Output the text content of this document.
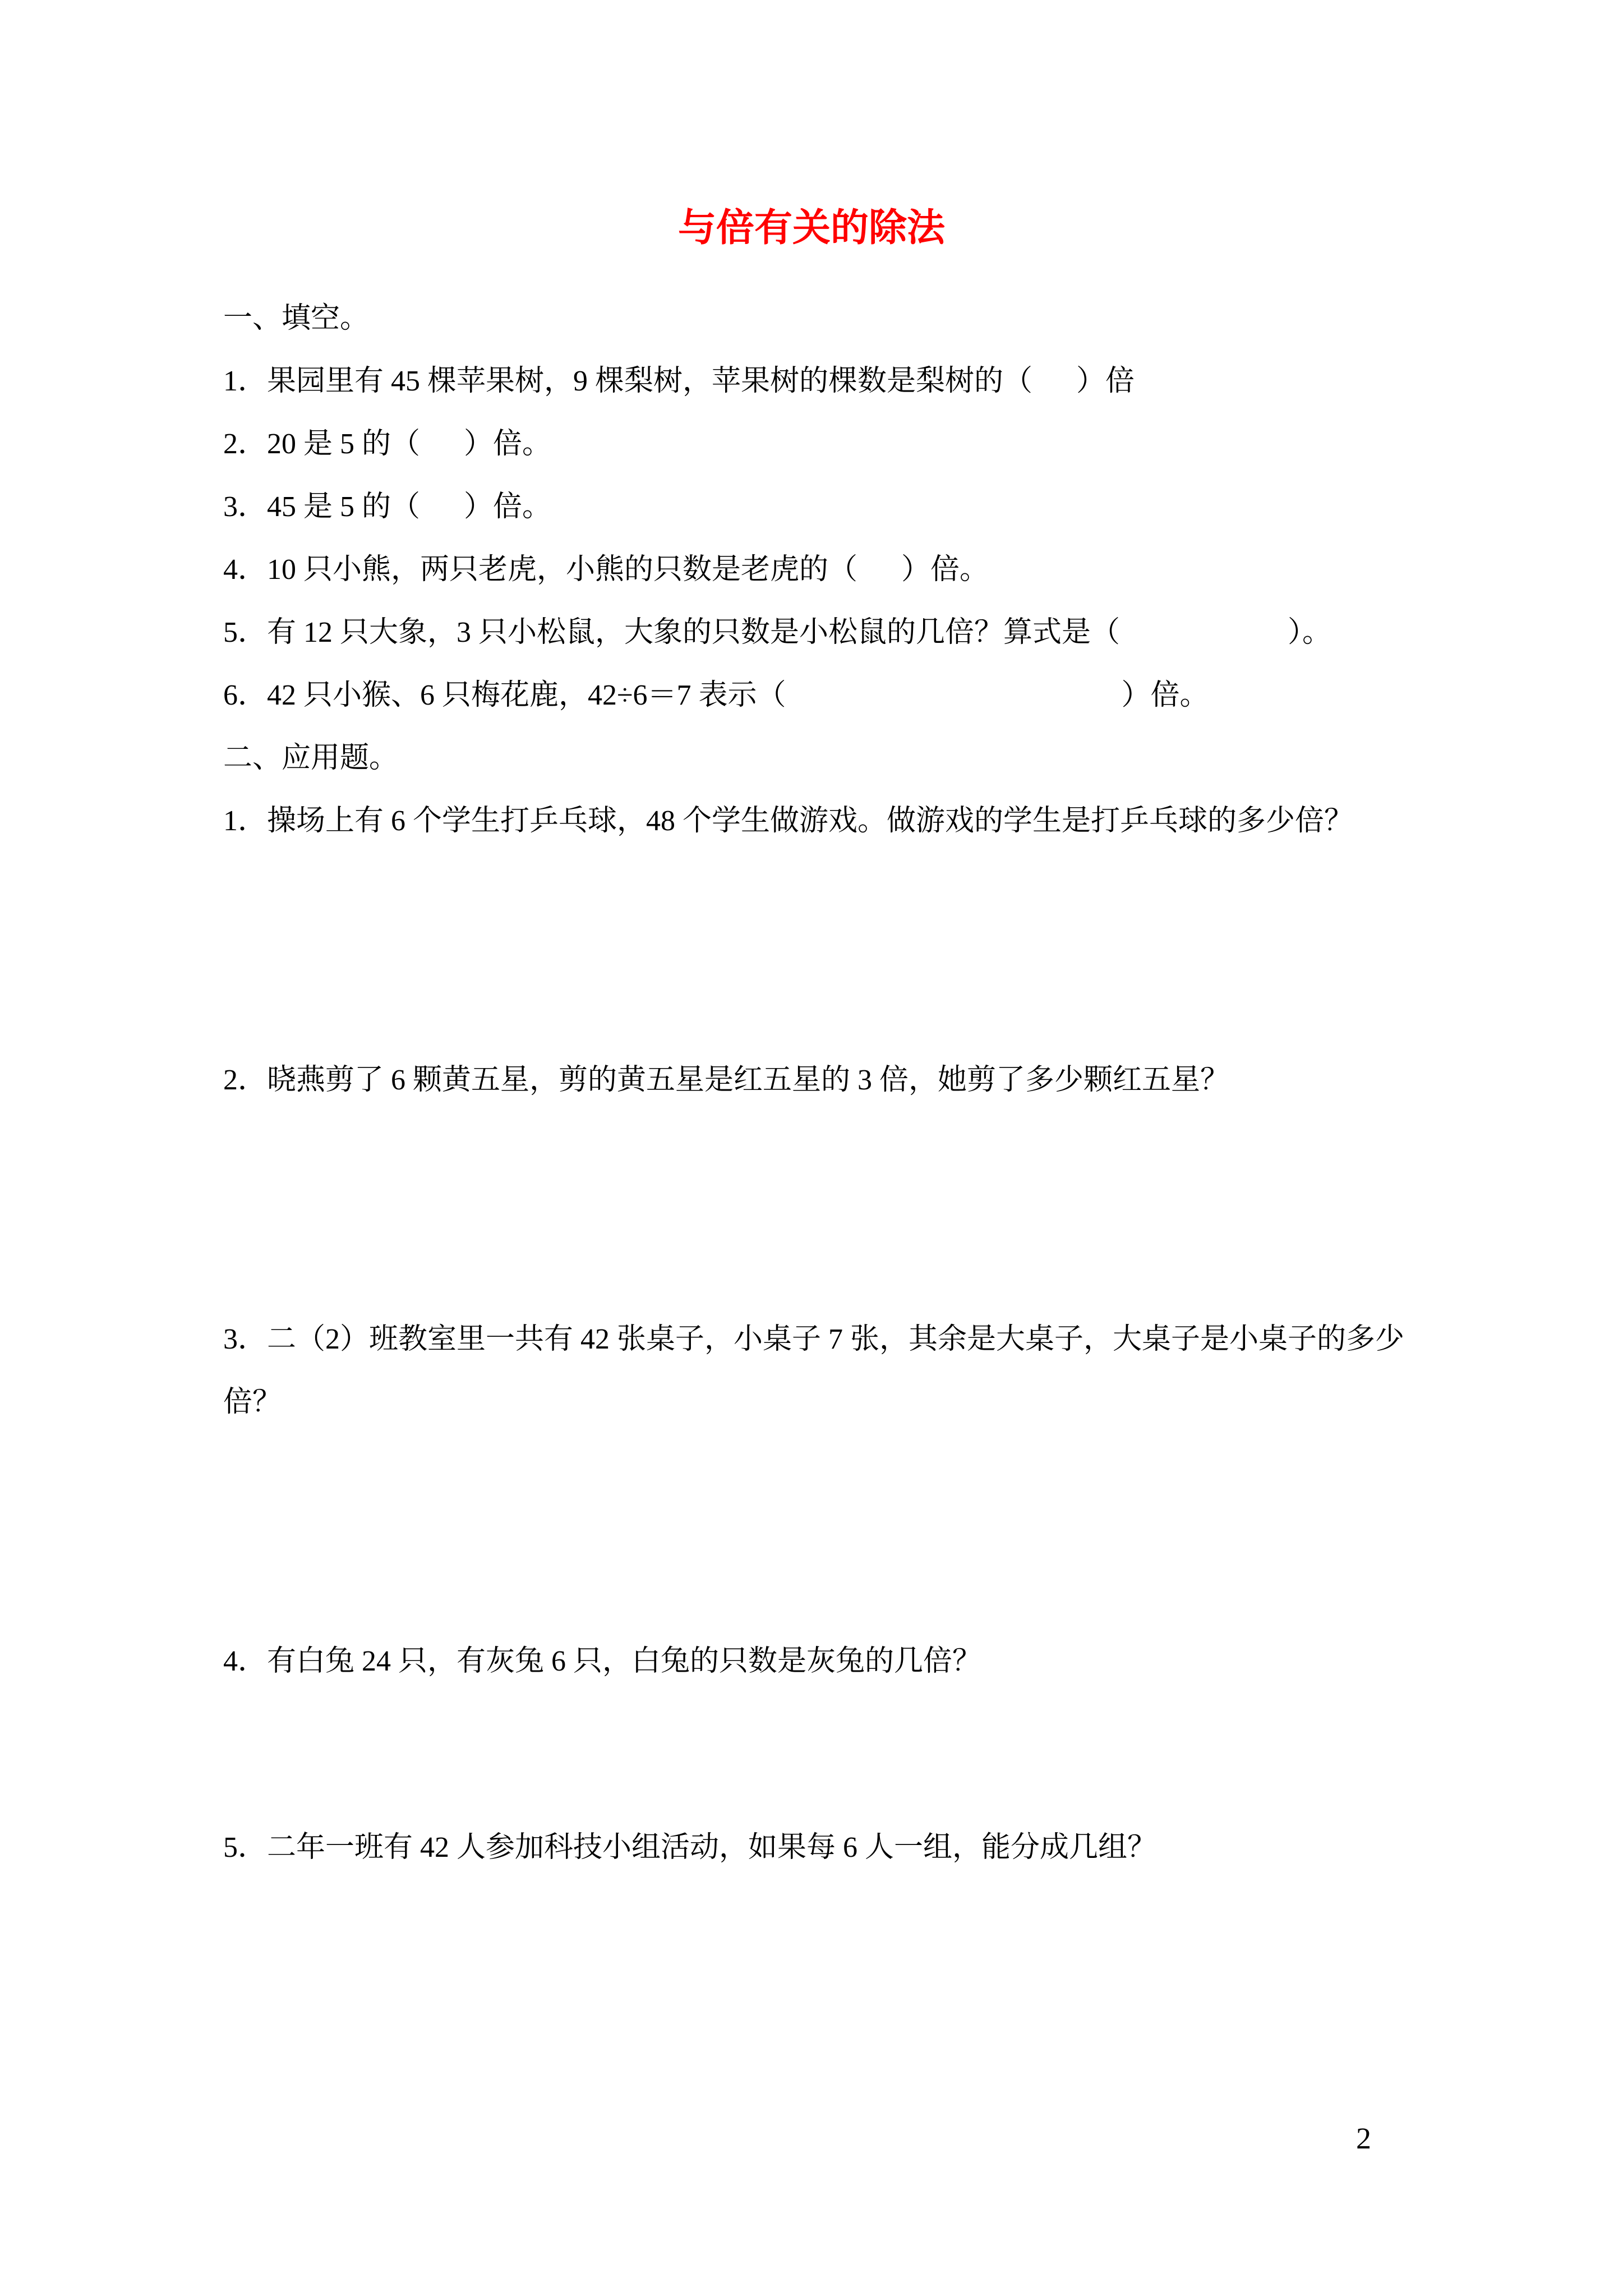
与倍有关的除法
一、填空。
1．果园里有 45 棵苹果树，9 棵梨树，苹果树的棵数是梨树的（      ）倍
2．20 是 5 的（      ）倍。
3．45 是 5 的（      ）倍。
4．10 只小熊，两只老虎，小熊的只数是老虎的（      ）倍。
5．有 12 只大象，3 只小松鼠，大象的只数是小松鼠的几倍？算式是（                       ）。
6．42 只小猴、6 只梅花鹿，42÷6＝7 表示（                                              ）倍。
二、应用题。
1．操场上有 6 个学生打乒乓球，48 个学生做游戏。做游戏的学生是打乒乓球的多少倍？
2．晓燕剪了 6 颗黄五星，剪的黄五星是红五星的 3 倍，她剪了多少颗红五星？
3．二（2）班教室里一共有 42 张桌子，小桌子 7 张，其余是大桌子，大桌子是小桌子的多少倍？
4．有白兔 24 只，有灰兔 6 只，白兔的只数是灰兔的几倍？
5．二年一班有 42 人参加科技小组活动，如果每 6 人一组，能分成几组？
2
